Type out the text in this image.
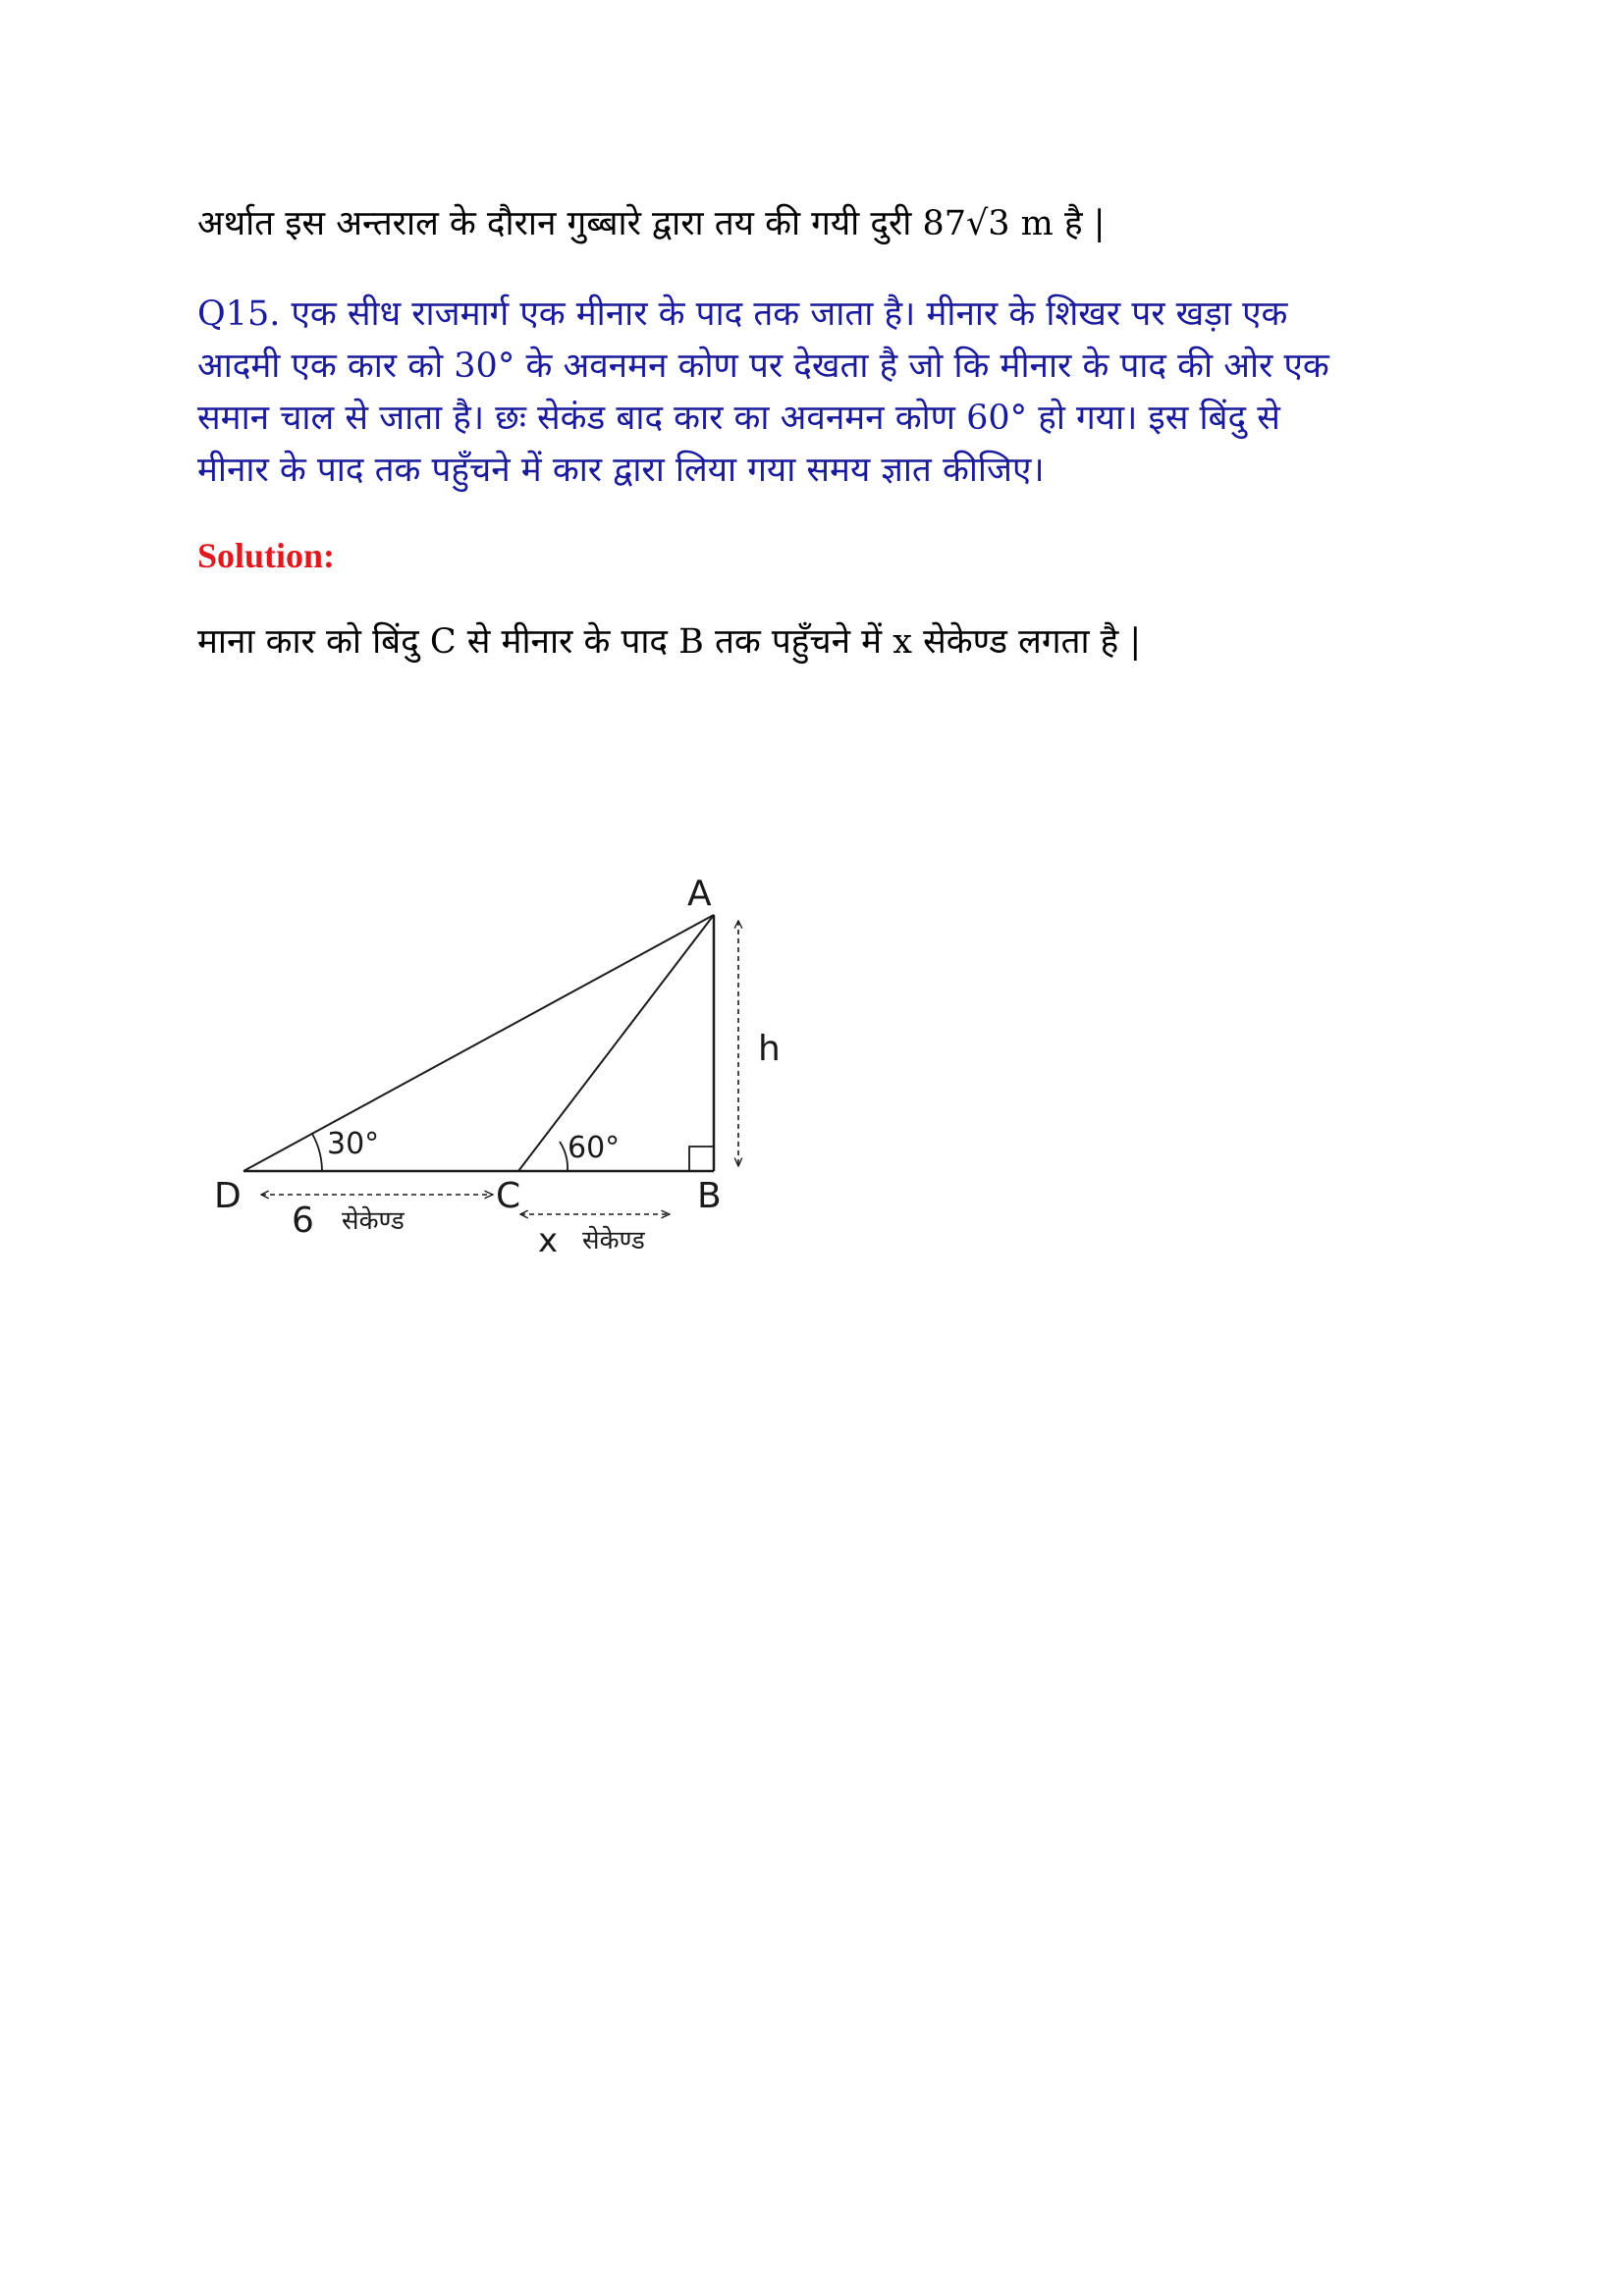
अर्थात इस अन्तराल के दौरान गुब्बारे द्वारा तय की गयी दुरी 87√3 m है |

Q15. एक सीध राजमार्ग एक मीनार के पाद तक जाता है। मीनार के शिखर पर खड़ा एक
आदमी एक कार को 30° के अवनमन कोण पर देखता है जो कि मीनार के पाद की ओर एक
समान चाल से जाता है। छः सेकंड बाद कार का अवनमन कोण 60° हो गया। इस बिंदु से
मीनार के पाद तक पहुँचने में कार द्वारा लिया गया समय ज्ञात कीजिए।

Solution:

माना कार को बिंदु C से मीनार के पाद B तक पहुँचने में x सेकेण्ड लगता है |

A
D	C	B
h
30°	60°
6 सेकेण्ड	x सेकेण्ड
